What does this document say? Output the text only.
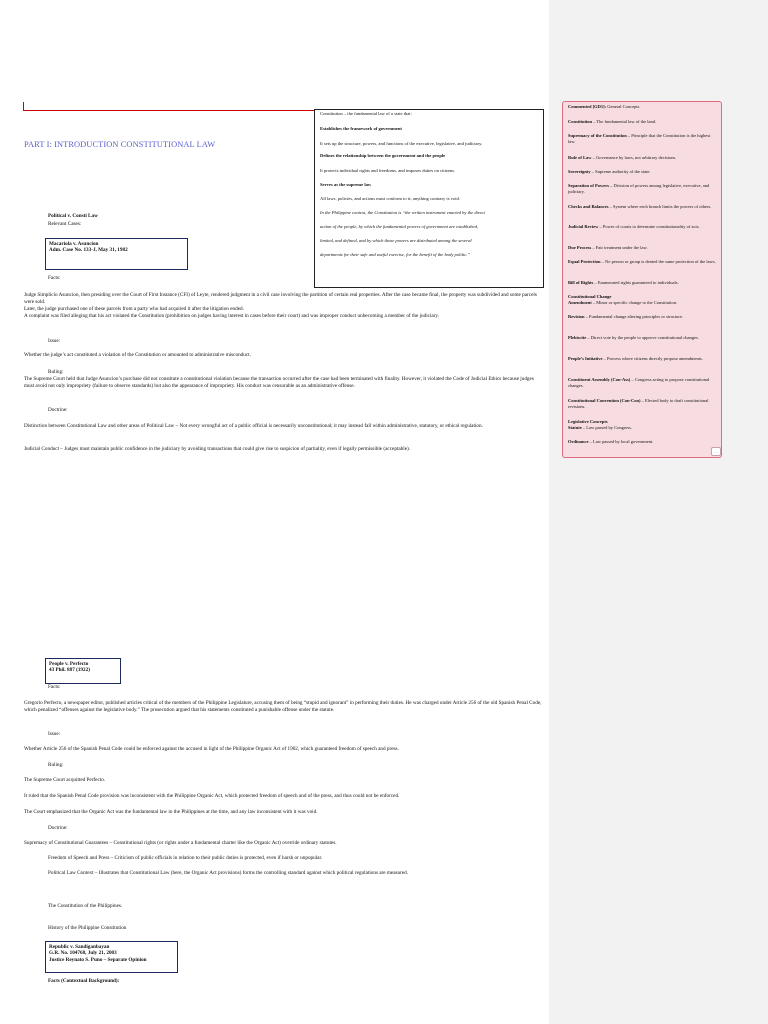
PART I: INTRODUCTION CONSTITUTIONAL LAW
Constitution – the fundamental law of a state that:
Establishes the framework of government
It sets up the structure, powers, and functions of the executive, legislative, and judiciary.
Defines the relationship between the government and the people
It protects individual rights and freedoms, and imposes duties on citizens.
Serves as the supreme law
All laws, policies, and actions must conform to it; anything contrary is void.
In the Philippine context, the Constitution is “the written instrument enacted by the direct
action of the people, by which the fundamental powers of government are established,
limited, and defined, and by which those powers are distributed among the several
departments for their safe and useful exercise, for the benefit of the body politic.”
Political v. Consti Law
Relevant Cases:
Macariola v. Asuncion
Adm. Case No. 133-J, May 31, 1982
Facts:
Judge Simplicio Asuncion, then presiding over the Court of First Instance (CFI) of Leyte, rendered judgment in a civil case involving the partition of certain real properties. After the case became final, the property was subdivided and some parcels were sold.
Later, the judge purchased one of these parcels from a party who had acquired it after the litigation ended.
A complaint was filed alleging that his act violated the Constitution (prohibition on judges having interest in cases before their court) and was improper conduct unbecoming a member of the judiciary.
Issue:
Whether the judge’s act constituted a violation of the Constitution or amounted to administrative misconduct.
Ruling:
The Supreme Court held that Judge Asuncion’s purchase did not constitute a constitutional violation because the transaction occurred after the case had been terminated with finality. However, it violated the Code of Judicial Ethics because judges must avoid not only impropriety (failure to observe standards) but also the appearance of impropriety. His conduct was censurable as an administrative offense.
Doctrine:
Distinction between Constitutional Law and other areas of Political Law – Not every wrongful act of a public official is necessarily unconstitutional; it may instead fall within administrative, statutory, or ethical regulation.
Judicial Conduct – Judges must maintain public confidence in the judiciary by avoiding transactions that could give rise to suspicion of partiality, even if legally permissible (acceptable).
Commented [GD1]: General Concepts
Constitution – The fundamental law of the land.
Supremacy of the Constitution – Principle that the Constitution is the highest law.
Rule of Law – Governance by laws, not arbitrary decisions.
Sovereignty – Supreme authority of the state.
Separation of Powers – Division of powers among legislative, executive, and judiciary.
Checks and Balances – System where each branch limits the powers of others.
Judicial Review – Power of courts to determine constitutionality of acts.
Due Process – Fair treatment under the law.
Equal Protection – No person or group is denied the same protection of the laws.
Bill of Rights – Enumerated rights guaranteed to individuals.
Constitutional Change
Amendment – Minor or specific change to the Constitution.
Revision – Fundamental change altering principles or structure.
Plebiscite – Direct vote by the people to approve constitutional changes.
People’s Initiative – Process where citizens directly propose amendments.
Constituent Assembly (Con-Ass) – Congress acting to propose constitutional changes.
Constitutional Convention (Con-Con) – Elected body to draft constitutional revisions.
Legislative Concepts
Statute – Law passed by Congress.
Ordinance – Law passed by local government.
…
People v. Perfecto
43 Phil. 887 (1922)
Facts:
Gregorio Perfecto, a newspaper editor, published articles critical of the members of the Philippine Legislature, accusing them of being “stupid and ignorant” in performing their duties. He was charged under Article 256 of the old Spanish Penal Code, which penalized “offenses against the legislative body.” The prosecution argued that his statements constituted a punishable offense under the statute.
Issue:
Whether Article 256 of the Spanish Penal Code could be enforced against the accused in light of the Philippine Organic Act of 1902, which guaranteed freedom of speech and press.
Ruling:
The Supreme Court acquitted Perfecto.
It ruled that the Spanish Penal Code provision was inconsistent with the Philippine Organic Act, which protected freedom of speech and of the press, and thus could not be enforced.
The Court emphasized that the Organic Act was the fundamental law in the Philippines at the time, and any law inconsistent with it was void.
Doctrine:
Supremacy of Constitutional Guarantees – Constitutional rights (or rights under a fundamental charter like the Organic Act) override ordinary statutes.
Freedom of Speech and Press – Criticism of public officials in relation to their public duties is protected, even if harsh or unpopular.
Political Law Context – Illustrates that Constitutional Law (here, the Organic Act provisions) forms the controlling standard against which political regulations are measured.
The Constitution of the Philippines.
History of the Philippine Constitution
Republic v. Sandiganbayan
G.R. No. 104768, July 21, 2003
Justice Reynato S. Puno – Separate Opinion
Facts (Contextual Background):
